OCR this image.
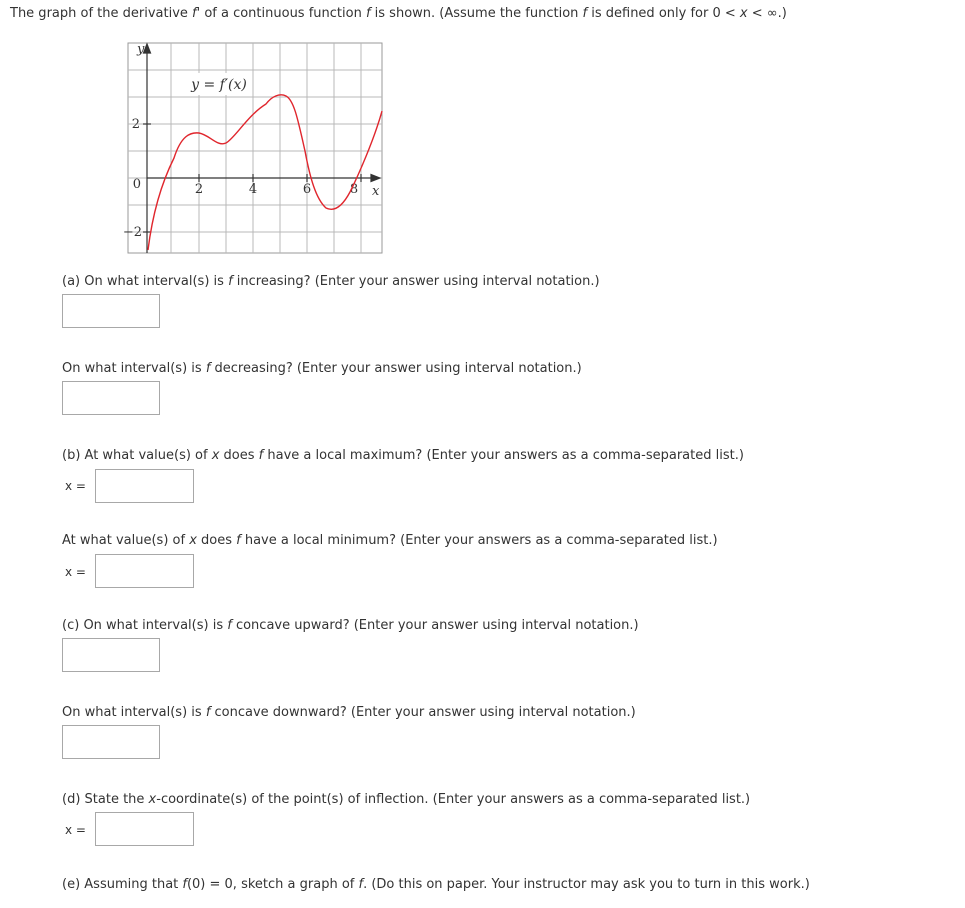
The graph of the derivative f' of a continuous function f is shown. (Assume the function f is defined only for 0 < x < ∞.)
y = f′(x)
y
x
2
0
−2
2	4	6	8
(a) On what interval(s) is f increasing? (Enter your answer using interval notation.)
On what interval(s) is f decreasing? (Enter your answer using interval notation.)
(b) At what value(s) of x does f have a local maximum? (Enter your answers as a comma-separated list.)
x =
At what value(s) of x does f have a local minimum? (Enter your answers as a comma-separated list.)
x =
(c) On what interval(s) is f concave upward? (Enter your answer using interval notation.)
On what interval(s) is f concave downward? (Enter your answer using interval notation.)
(d) State the x-coordinate(s) of the point(s) of inflection. (Enter your answers as a comma-separated list.)
x =
(e) Assuming that f(0) = 0, sketch a graph of f. (Do this on paper. Your instructor may ask you to turn in this work.)
